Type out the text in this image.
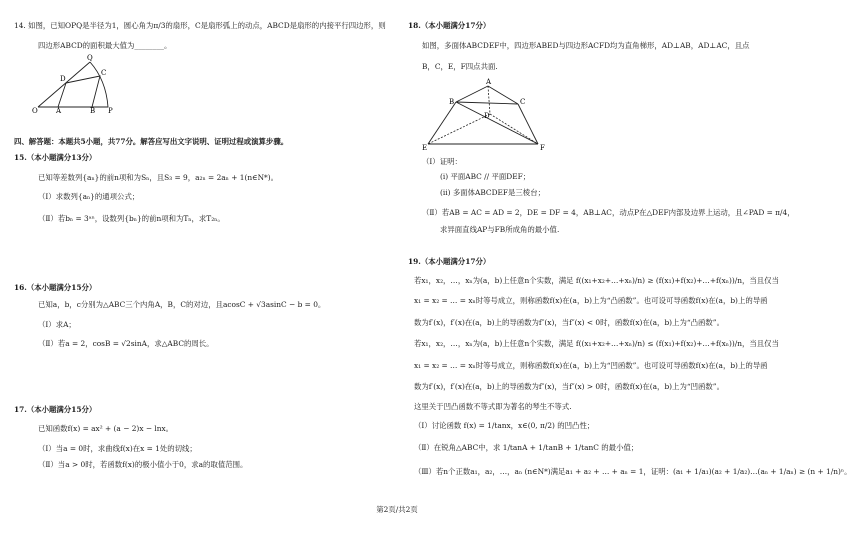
14. 如图，已知OPQ是半径为1，圆心角为π/3的扇形，C是扇形弧上的动点，ABCD是扇形的内接平行四边形，则
四边形ABCD的面积最大值为________。
Q
D
C
O	A	B P
四、解答题：本题共5小题，共77分。解答应写出文字说明、证明过程或演算步骤。
15.（本小题满分13分）
已知等差数列{aₙ}的前n项和为Sₙ，且S₃ = 9，a₂ₙ = 2aₙ + 1(n∈N*)。
（Ⅰ）求数列{aₙ}的通项公式；
（Ⅱ）若bₙ = 3ᵃⁿ，设数列{bₙ}的前n项和为Tₙ，求T₂ₙ。
16.（本小题满分15分）
已知a，b，c分别为△ABC三个内角A，B，C的对边，且acosC + √3asinC − b = 0。
（Ⅰ）求A；
（Ⅱ）若a = 2，cosB = √2sinA，求△ABC的周长。
17.（本小题满分15分）
已知函数f(x) = ax² + (a − 2)x − lnx。
（Ⅰ）当a = 0时，求曲线f(x)在x = 1处的切线；
（Ⅱ）当a > 0时，若函数f(x)的极小值小于0，求a的取值范围。
18.（本小题满分17分）
如图，多面体ABCDEF中，四边形ABED与四边形ACFD均为直角梯形，AD⊥AB，AD⊥AC，且点
B，C，E，F四点共面.
A
B	C
D
E	F
（Ⅰ）证明：
(i) 平面ABC // 平面DEF；
(ii) 多面体ABCDEF是三棱台；
（Ⅱ）若AB = AC = AD = 2，DE = DF = 4，AB⊥AC，动点P在△DEF内部及边界上运动，且∠PAD = π/4，
求异面直线AP与FB所成角的最小值.
19.（本小题满分17分）
若x₁，x₂，…，xₙ为(a，b)上任意n个实数，满足 f((x₁+x₂+…+xₙ)/n) ≥ (f(x₁)+f(x₂)+…+f(xₙ))/n，当且仅当
x₁ = x₂ = … = xₙ时等号成立，则称函数f(x)在(a，b)上为“凸函数”。也可设可导函数f(x)在(a，b)上的导函
数为f′(x)，f′(x)在(a，b)上的导函数为f″(x)，当f″(x) < 0时，函数f(x)在(a，b)上为“凸函数”。
若x₁，x₂，…，xₙ为(a，b)上任意n个实数，满足 f((x₁+x₂+…+xₙ)/n) ≤ (f(x₁)+f(x₂)+…+f(xₙ))/n，当且仅当
x₁ = x₂ = … = xₙ时等号成立，则称函数f(x)在(a，b)上为“凹函数”。也可设可导函数f(x)在(a，b)上的导函
数为f′(x)，f′(x)在(a，b)上的导函数为f″(x)，当f″(x) > 0时，函数f(x)在(a，b)上为“凹函数”。
这里关于凹凸函数不等式即为著名的琴生不等式.
（Ⅰ）讨论函数 f(x) = 1/tanx，x∈(0, π/2) 的凹凸性；
（Ⅱ）在锐角△ABC中，求 1/tanA + 1/tanB + 1/tanC 的最小值；
（Ⅲ）若n个正数a₁，a₂，…，aₙ (n∈N*)满足a₁ + a₂ + … + aₙ = 1，证明：(a₁ + 1/a₁)(a₂ + 1/a₂)…(aₙ + 1/aₙ) ≥ (n + 1/n)ⁿ。
第2页/共2页
